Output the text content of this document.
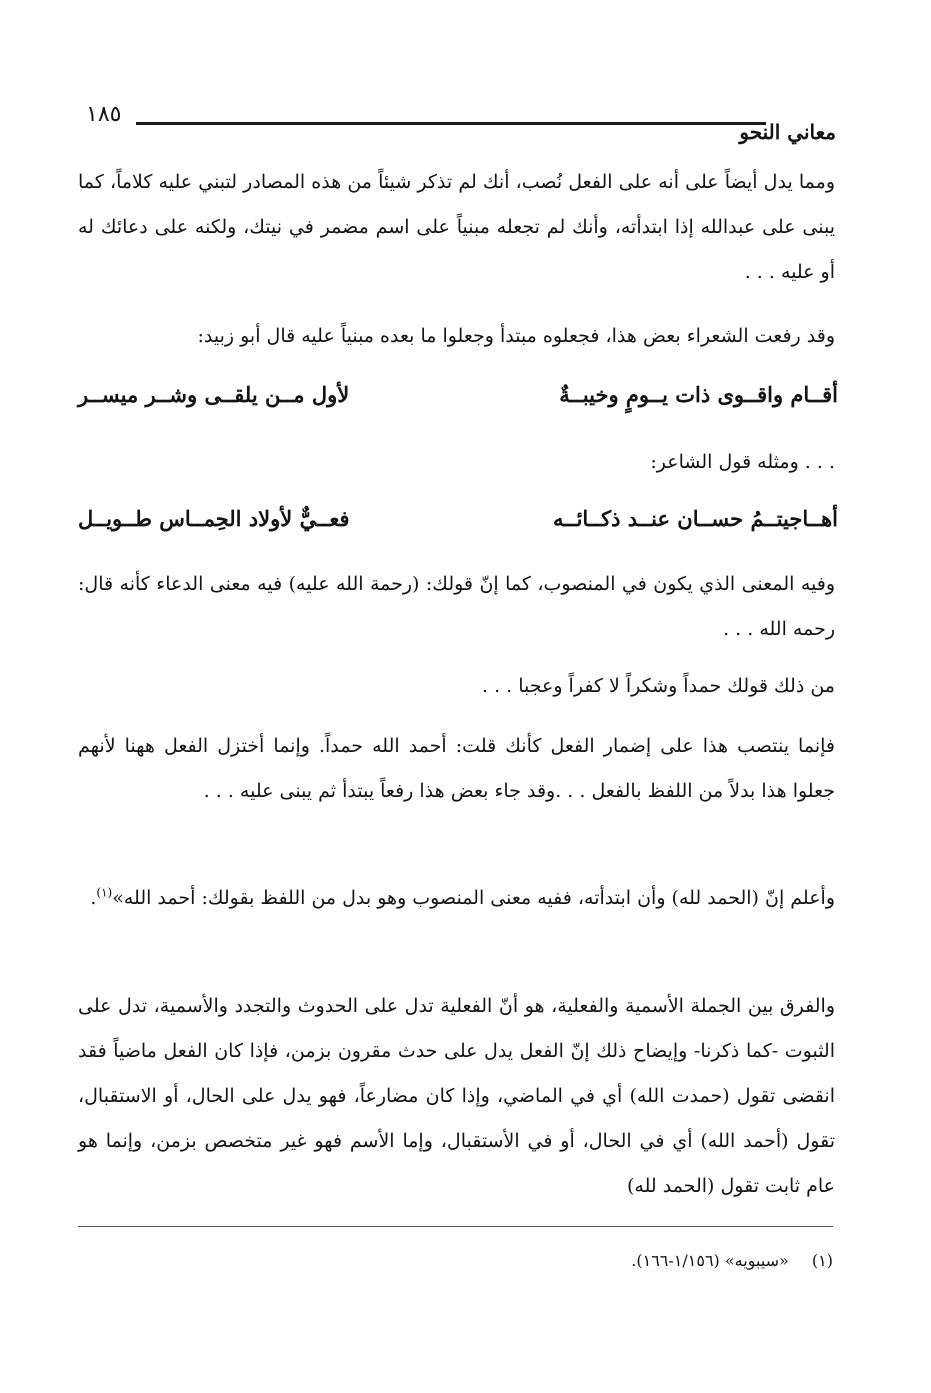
١٨٥
معاني النحو

ومما يدل أيضاً على أنه على الفعل نُصب، أنك لم تذكر شيئاً من هذه المصادر لتبني عليه كلاماً، كما يبنى على عبدالله إذا ابتدأته، وأنك لم تجعله مبنياً على اسم مضمر في نيتك، ولكنه على دعائك له أو عليه . . .

وقد رفعت الشعراء بعض هذا، فجعلوه مبتدأ وجعلوا ما بعده مبنياً عليه قال أبو زبيد:

أقــام واقــوى ذات يــومٍ وخيبــةٌ
لأول مــن يلقــى وشــر ميســر

. . . ومثله قول الشاعر:

أهــاجيتــمُ حســان عنــد ذكــائــه
فعــيٌّ لأولاد الحِمــاس طــويــل

وفيه المعنى الذي يكون في المنصوب، كما إنّ قولك: (رحمة الله عليه) فيه معنى الدعاء كأنه قال: رحمه الله . . .

من ذلك قولك حمداً وشكراً لا كفراً وعجبا . . .

فإنما ينتصب هذا على إضمار الفعل كأنك قلت: أحمد الله حمداً. وإنما أختزل الفعل ههنا لأنهم جعلوا هذا بدلاً من اللفظ بالفعل . . .وقد جاء بعض هذا رفعاً يبتدأ ثم يبنى عليه . . .

وأعلم إنّ (الحمد لله) وأن ابتدأته، ففيه معنى المنصوب وهو بدل من اللفظ بقولك: أحمد الله»$^{(١)}$.

والفرق بين الجملة الأسمية والفعلية، هو أنّ الفعلية تدل على الحدوث والتجدد والأسمية، تدل على الثبوت -كما ذكرنا- وإيضاح ذلك إنّ الفعل يدل على حدث مقرون بزمن، فإذا كان الفعل ماضياً فقد انقضى تقول (حمدت الله) أي في الماضي، وإذا كان مضارعاً، فهو يدل على الحال، أو الاستقبال، تقول (أحمد الله) أي في الحال، أو في الأستقبال، وإما الأسم فهو غير متخصص بزمن، وإنما هو عام ثابت تقول (الحمد لله)

(١) «سيبويه» (١/١٥٦-١٦٦).
